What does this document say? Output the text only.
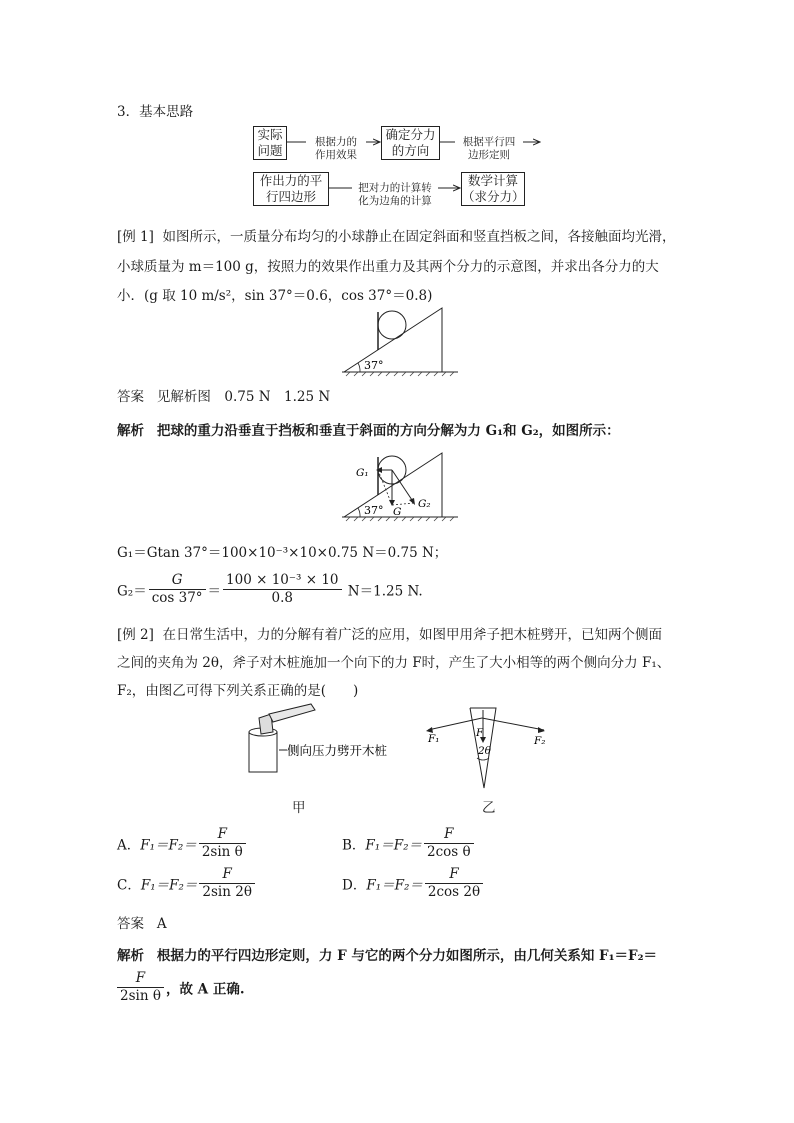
3．基本思路
实际
问题
根据力的
作用效果
确定分力
的方向
根据平行四
边形定则
作出力的平
行四边形
把对力的计算转
化为边角的计算
数学计算
（求分力）
[例 1] 如图所示，一质量分布均匀的小球静止在固定斜面和竖直挡板之间，各接触面均光滑，
小球质量为 m＝100 g，按照力的效果作出重力及其两个分力的示意图，并求出各分力的大
小．(g 取 10 m/s²，sin 37°＝0.6，cos 37°＝0.8)
37°
答案 见解析图　0.75 N　1.25 N
解析 把球的重力沿垂直于挡板和垂直于斜面的方向分解为力 G₁和 G₂，如图所示：
G₁
G
G₂
37°
G₁＝Gtan 37°＝100×10⁻³×10×0.75 N＝0.75 N；
$G_2= \frac{G}{\cos 37^\circ} = \frac{\text{100 × 10⁻³ × 10}}{0.8} N=1.25$ N.
[例 2] 在日常生活中，力的分解有着广泛的应用，如图甲用斧子把木桩劈开，已知两个侧面
之间的夹角为 2θ，斧子对木桩施加一个向下的力 F时，产生了大小相等的两个侧向分力 F₁、
F₂，由图乙可得下列关系正确的是(　　)
侧向压力劈开木桩
甲
F₁	F₂
F
2θ
乙
A．$F_1=F_2= \frac{F}{\text{2sin θ}}$	B．$F_1=F_2= \frac{F}{\text{2cos θ}}$
C．$F_1=F_2= \frac{F}{2\sin 2\theta}$	D．$F_1=F_2= \frac{F}{2\cos 2\theta}$
答案 A
解析 根据力的平行四边形定则，力 F 与它的两个分力如图所示，由几何关系知 F₁＝F₂＝
$\frac{F}{\text{2sin θ}}$ ，故 A 正确.
